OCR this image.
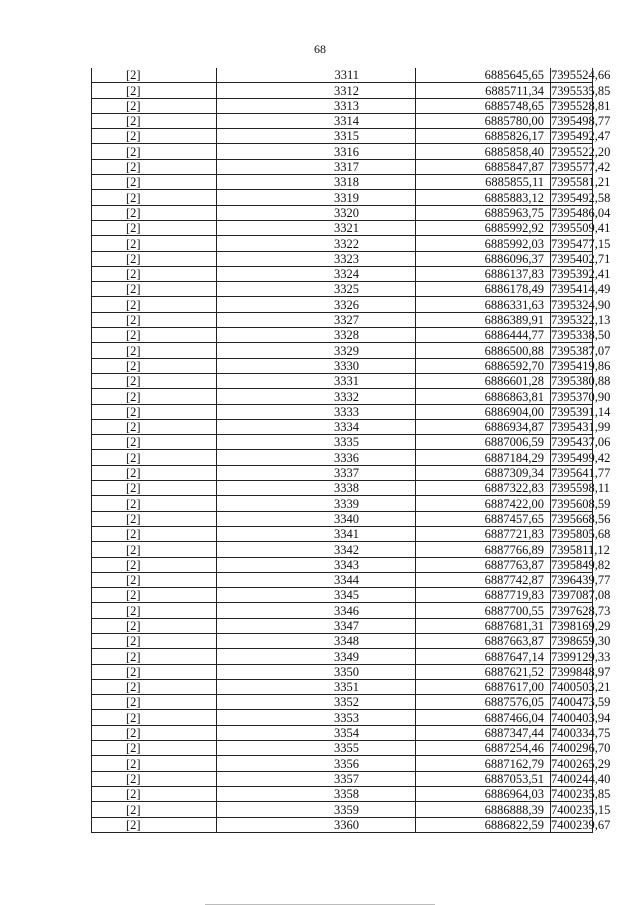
68
[2]	3311	6885645,65	7395524,66
[2]	3312	6885711,34	7395535,85
[2]	3313	6885748,65	7395528,81
[2]	3314	6885780,00	7395498,77
[2]	3315	6885826,17	7395492,47
[2]	3316	6885858,40	7395522,20
[2]	3317	6885847,87	7395577,42
[2]	3318	6885855,11	7395581,21
[2]	3319	6885883,12	7395492,58
[2]	3320	6885963,75	7395486,04
[2]	3321	6885992,92	7395509,41
[2]	3322	6885992,03	7395477,15
[2]	3323	6886096,37	7395402,71
[2]	3324	6886137,83	7395392,41
[2]	3325	6886178,49	7395414,49
[2]	3326	6886331,63	7395324,90
[2]	3327	6886389,91	7395322,13
[2]	3328	6886444,77	7395338,50
[2]	3329	6886500,88	7395387,07
[2]	3330	6886592,70	7395419,86
[2]	3331	6886601,28	7395380,88
[2]	3332	6886863,81	7395370,90
[2]	3333	6886904,00	7395391,14
[2]	3334	6886934,87	7395431,99
[2]	3335	6887006,59	7395437,06
[2]	3336	6887184,29	7395499,42
[2]	3337	6887309,34	7395641,77
[2]	3338	6887322,83	7395598,11
[2]	3339	6887422,00	7395608,59
[2]	3340	6887457,65	7395668,56
[2]	3341	6887721,83	7395805,68
[2]	3342	6887766,89	7395811,12
[2]	3343	6887763,87	7395849,82
[2]	3344	6887742,87	7396439,77
[2]	3345	6887719,83	7397087,08
[2]	3346	6887700,55	7397628,73
[2]	3347	6887681,31	7398169,29
[2]	3348	6887663,87	7398659,30
[2]	3349	6887647,14	7399129,33
[2]	3350	6887621,52	7399848,97
[2]	3351	6887617,00	7400503,21
[2]	3352	6887576,05	7400473,59
[2]	3353	6887466,04	7400403,94
[2]	3354	6887347,44	7400334,75
[2]	3355	6887254,46	7400296,70
[2]	3356	6887162,79	7400265,29
[2]	3357	6887053,51	7400244,40
[2]	3358	6886964,03	7400235,85
[2]	3359	6886888,39	7400235,15
[2]	3360	6886822,59	7400239,67
